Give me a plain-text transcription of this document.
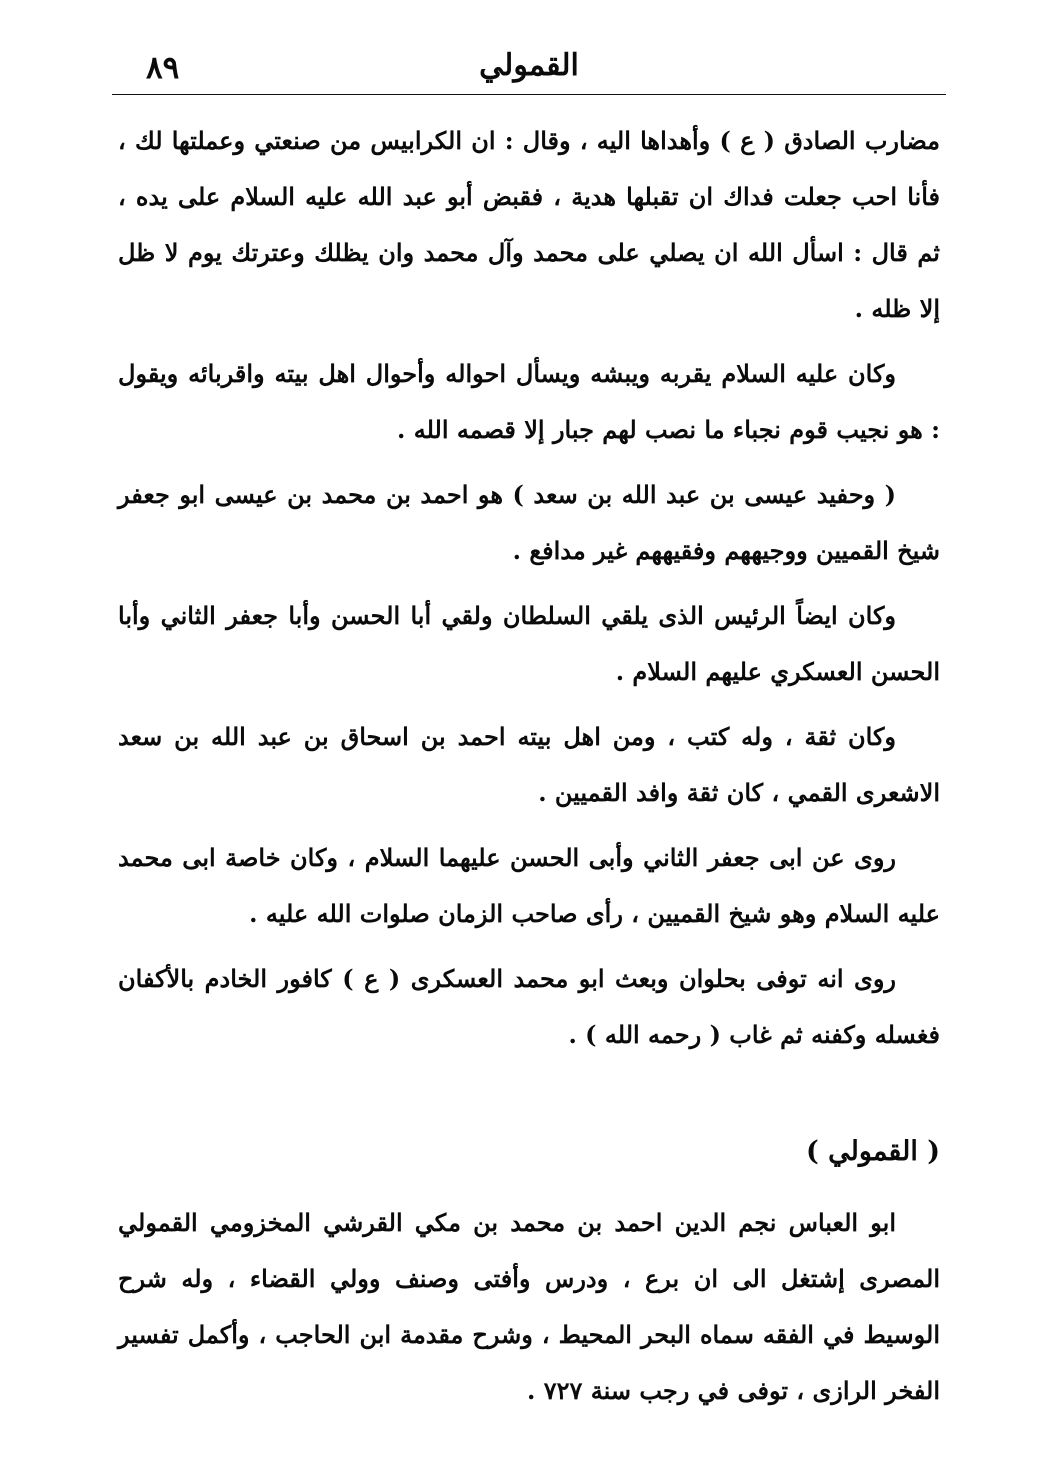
٨٩	القمولي

مضارب الصادق ( ع ) وأهداها اليه ، وقال : ان الكرابيس من صنعتي وعملتها لك ، فأنا احب جعلت فداك ان تقبلها هدية ، فقبض أبو عبد الله عليه السلام على يده ، ثم قال : اسأل الله ان يصلي على محمد وآل محمد وان يظلك وعترتك يوم لا ظل إلا ظله .

وكان عليه السلام يقربه ويبشه ويسأل احواله وأحوال اهل بيته واقربائه ويقول : هو نجيب قوم نجباء ما نصب لهم جبار إلا قصمه الله .

( وحفيد عيسى بن عبد الله بن سعد ) هو احمد بن محمد بن عيسى ابو جعفر شيخ القميين ووجيههم وفقيههم غير مدافع .

وكان ايضاً الرئيس الذى يلقي السلطان ولقي أبا الحسن وأبا جعفر الثاني وأبا الحسن العسكري عليهم السلام .

وكان ثقة ، وله كتب ، ومن اهل بيته احمد بن اسحاق بن عبد الله بن سعد الاشعرى القمي ، كان ثقة وافد القميين .

روى عن ابى جعفر الثاني وأبى الحسن عليهما السلام ، وكان خاصة ابى محمد عليه السلام وهو شيخ القميين ، رأى صاحب الزمان صلوات الله عليه .

روى انه توفى بحلوان وبعث ابو محمد العسكرى ( ع ) كافور الخادم بالأكفان فغسله وكفنه ثم غاب ( رحمه الله ) .

( القمولي )

ابو العباس نجم الدين احمد بن محمد بن مكي القرشي المخزومي القمولي المصرى إشتغل الى ان برع ، ودرس وأفتى وصنف وولي القضاء ، وله شرح الوسيط في الفقه سماه البحر المحيط ، وشرح مقدمة ابن الحاجب ، وأكمل تفسير الفخر الرازى ، توفى في رجب سنة ٧٢٧ .
